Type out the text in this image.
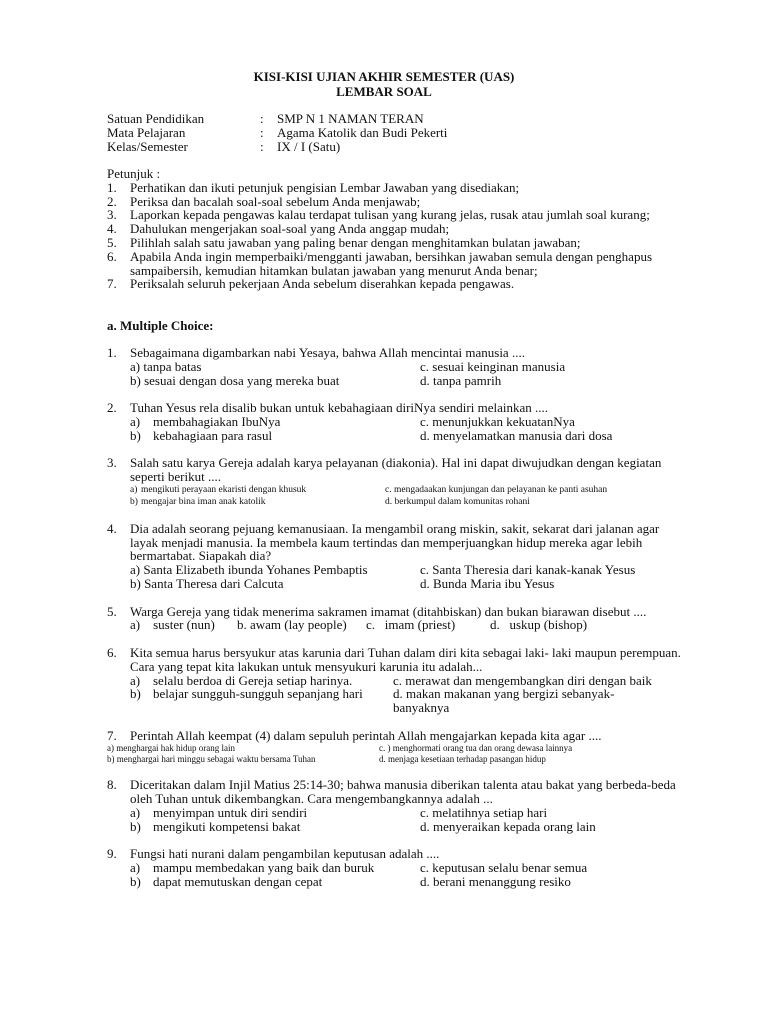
KISI-KISI UJIAN AKHIR SEMESTER (UAS)
LEMBAR SOAL
Satuan Pendidikan	: SMP N 1 NAMAN TERAN
Mata Pelajaran	: Agama Katolik dan Budi Pekerti
Kelas/Semester	: IX / I (Satu)
Petunjuk :
1. Perhatikan dan ikuti petunjuk pengisian Lembar Jawaban yang disediakan;
2. Periksa dan bacalah soal-soal sebelum Anda menjawab;
3. Laporkan kepada pengawas kalau terdapat tulisan yang kurang jelas, rusak atau jumlah soal kurang;
4. Dahulukan mengerjakan soal-soal yang Anda anggap mudah;
5. Pilihlah salah satu jawaban yang paling benar dengan menghitamkan bulatan jawaban;
6. Apabila Anda ingin memperbaiki/mengganti jawaban, bersihkan jawaban semula dengan penghapus sampaibersih, kemudian hitamkan bulatan jawaban yang menurut Anda benar;
7. Periksalah seluruh pekerjaan Anda sebelum diserahkan kepada pengawas.
a. Multiple Choice:
1.	Sebagaimana digambarkan nabi Yesaya, bahwa Allah mencintai manusia ....
a) tanpa batas	c. sesuai keinginan manusia
b) sesuai dengan dosa yang mereka buat	d. tanpa pamrih
2.	Tuhan Yesus rela disalib bukan untuk kebahagiaan diriNya sendiri melainkan ....
a) membahagiakan IbuNya	c. menunjukkan kekuatanNya
b) kebahagiaan para rasul	d. menyelamatkan manusia dari dosa
3.	Salah satu karya Gereja adalah karya pelayanan (diakonia). Hal ini dapat diwujudkan dengan kegiatan seperti berikut ....
a) mengikuti perayaan ekaristi dengan khusuk	c. mengadaakan kunjungan dan pelayanan ke panti asuhan
b) mengajar bina iman anak katolik	d. berkumpul dalam komunitas rohani
4.	Dia adalah seorang pejuang kemanusiaan. Ia mengambil orang miskin, sakit, sekarat dari jalanan agar layak menjadi manusia. Ia membela kaum tertindas dan memperjuangkan hidup mereka agar lebih bermartabat. Siapakah dia?
a) Santa Elizabeth ibunda Yohanes Pembaptis	c. Santa Theresia dari kanak-kanak Yesus
b) Santa Theresa dari Calcuta	d. Bunda Maria ibu Yesus
5.	Warga Gereja yang tidak menerima sakramen imamat (ditahbiskan) dan bukan biarawan disebut ....
a)    suster (nun)	b. awam (lay people)	c.   imam (priest)	d.   uskup (bishop)
6.	Kita semua harus bersyukur atas karunia dari Tuhan dalam diri kita sebagai laki- laki maupun perempuan. Cara yang tepat kita lakukan untuk mensyukuri karunia itu adalah...
a) selalu berdoa di Gereja setiap harinya.	c. merawat dan mengembangkan diri dengan baik
b) belajar sungguh-sungguh sepanjang hari d. makan makanan yang bergizi sebanyak-banyaknya
7.	Perintah Allah keempat (4) dalam sepuluh perintah Allah mengajarkan kepada kita agar ....
a) menghargai hak hidup orang lain	c. ) menghormati orang tua dan orang dewasa lainnya
b) menghargai hari minggu sebagai waktu bersama Tuhan	d. menjaga kesetiaan terhadap pasangan hidup
8.	Diceritakan dalam Injil Matius 25:14-30; bahwa manusia diberikan talenta atau bakat yang berbeda-beda oleh Tuhan untuk dikembangkan. Cara mengembangkannya adalah ...
a) menyimpan untuk diri sendiri	c. melatihnya setiap hari
b) mengikuti kompetensi bakat	d. menyeraikan kepada orang lain
9.	Fungsi hati nurani dalam pengambilan keputusan adalah ....
a) mampu membedakan yang baik dan buruk	c. keputusan selalu benar semua
b) dapat memutuskan dengan cepat	d. berani menanggung resiko
